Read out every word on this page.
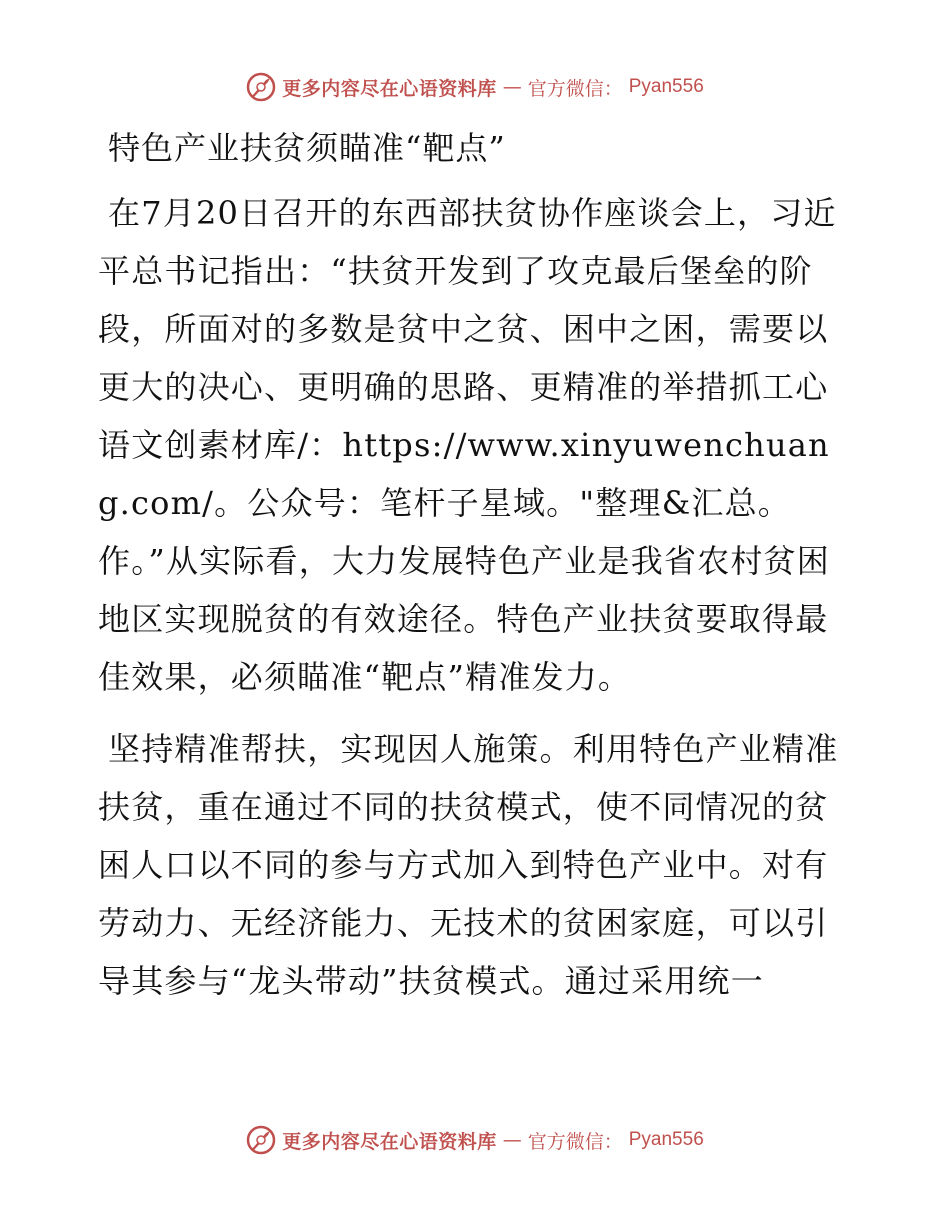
更多内容尽在心语资料库 — 官方微信： Pyan556
特色产业扶贫须瞄准“靶点”

在7月20日召开的东西部扶贫协作座谈会上，习近平总书记指出：“扶贫开发到了攻克最后堡垒的阶段，所面对的多数是贫中之贫、困中之困，需要以更大的决心、更明确的思路、更精准的举措抓工心语文创素材库/：https://www.xinyuwenchuang.com/。公众号：笔杆子星域。"整理&汇总。作。”从实际看，大力发展特色产业是我省农村贫困地区实现脱贫的有效途径。特色产业扶贫要取得最佳效果，必须瞄准“靶点”精准发力。

坚持精准帮扶，实现因人施策。利用特色产业精准扶贫，重在通过不同的扶贫模式，使不同情况的贫困人口以不同的参与方式加入到特色产业中。对有劳动力、无经济能力、无技术的贫困家庭，可以引导其参与“龙头带动”扶贫模式。通过采用统一

更多内容尽在心语资料库 — 官方微信： Pyan556
